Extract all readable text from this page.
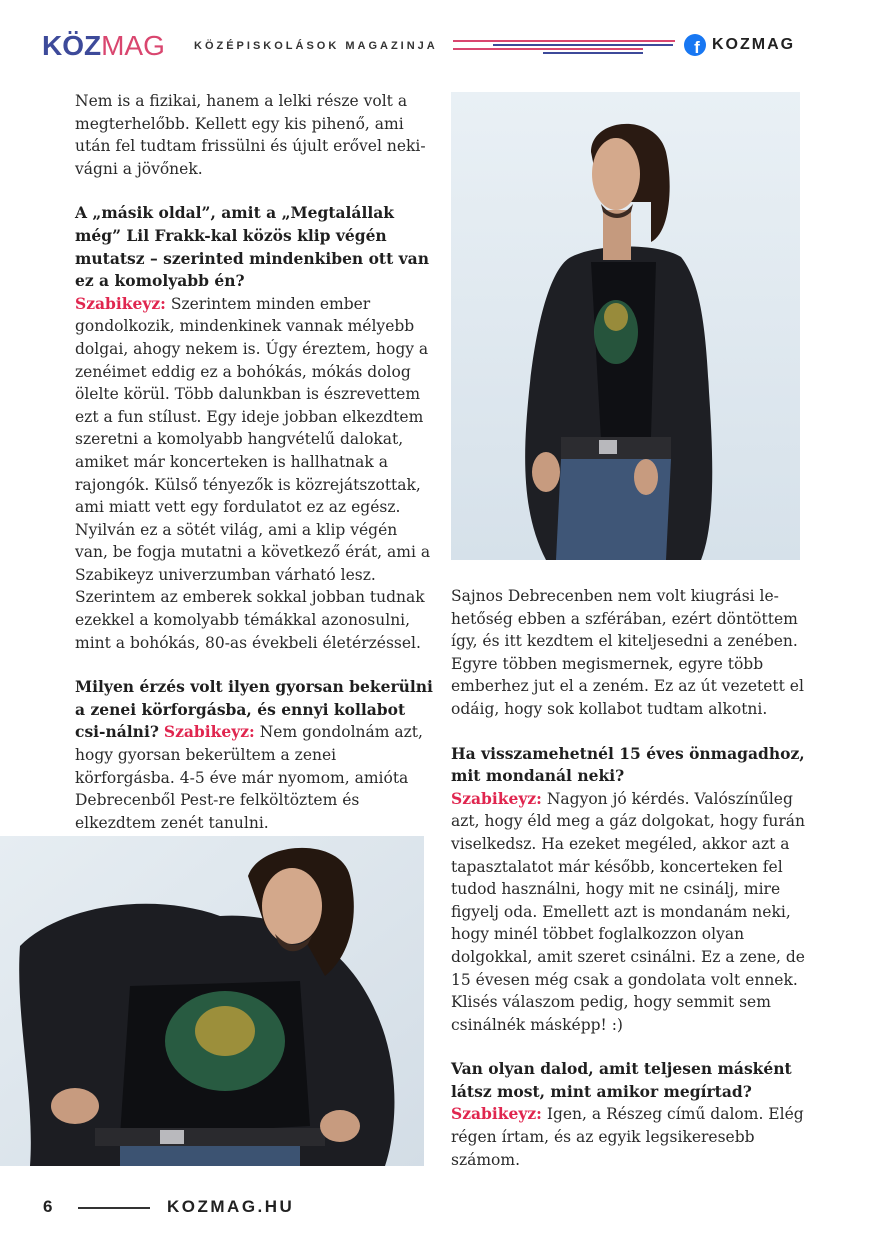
KÖZMAG	KÖZÉPISKOLÁSOK MAGAZINJA	f KOZMAG

Nem is a fizikai, hanem a lelki része volt a megterhelőbb. Kellett egy kis pihenő, ami után fel tudtam frissülni és újult erővel neki-vágni a jövőnek.

A „másik oldal”, amit a „Megtalállak még” Lil Frakk-kal közös klip végén mutatsz – szerinted mindenkiben ott van ez a komolyabb én?

Szabikeyz: Szerintem minden ember gondolkozik, mindenkinek vannak mélyebb dolgai, ahogy nekem is. Úgy éreztem, hogy a zenéimet eddig ez a bohókás, mókás dolog ölelte körül. Több dalunkban is észrevettem ezt a fun stílust. Egy ideje jobban elkezdtem szeretni a komolyabb hangvételű dalokat, amiket már koncerteken is hallhatnak a rajongók. Külső tényezők is közrejátszottak, ami miatt vett egy fordulatot ez az egész. Nyilván ez a sötét világ, ami a klip végén van, be fogja mutatni a következő érát, ami a Szabikeyz univerzumban várható lesz. Szerintem az emberek sokkal jobban tudnak ezekkel a komolyabb témákkal azonosulni, mint a bohókás, 80-as évekbeli életérzéssel.

Milyen érzés volt ilyen gyorsan bekerülni a zenei körforgásba, és ennyi kollabot csi-nálni? Szabikeyz: Nem gondolnám azt, hogy gyorsan bekerültem a zenei körforgásba. 4-5 éve már nyomom, amióta Debrecenből Pest-re felköltöztem és elkezdtem zenét tanulni.

Sajnos Debrecenben nem volt kiugrási le-hetőség ebben a szférában, ezért döntöttem így, és itt kezdtem el kiteljesedni a zenében. Egyre többen megismernek, egyre több emberhez jut el a zeném. Ez az út vezetett el odáig, hogy sok kollabot tudtam alkotni.

Ha visszamehetnél 15 éves önmagadhoz, mit mondanál neki?

Szabikeyz: Nagyon jó kérdés. Valószínűleg azt, hogy éld meg a gáz dolgokat, hogy furán viselkedsz. Ha ezeket megéled, akkor azt a tapasztalatot már később, koncerteken fel tudod használni, hogy mit ne csinálj, mire figyelj oda. Emellett azt is mondanám neki, hogy minél többet foglalkozzon olyan dolgokkal, amit szeret csinálni. Ez a zene, de 15 évesen még csak a gondolata volt ennek. Klisés válaszom pedig, hogy semmit sem csinálnék másképp! :)

Van olyan dalod, amit teljesen másként látsz most, mint amikor megírtad?

Szabikeyz: Igen, a Részeg című dalom. Elég régen írtam, és az egyik legsikeresebb számom.

6	KOZMAG.HU
